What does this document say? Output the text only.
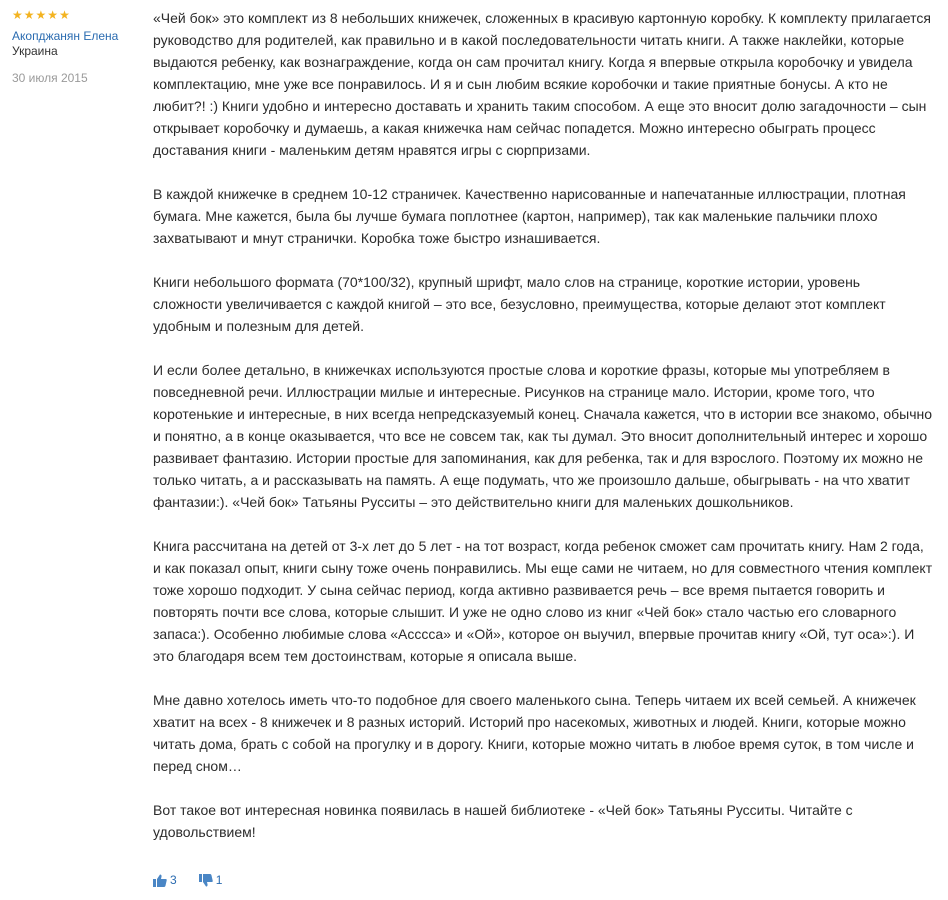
★ ★ ★ ★ ★
Акопджанян Елена
Украина
30 июля 2015

«Чей бок» это комплект из 8 небольших книжечек, сложенных в красивую картонную коробку. К комплекту прилагается руководство для родителей, как правильно и в какой последовательности читать книги. А также наклейки, которые выдаются ребенку, как вознаграждение, когда он сам прочитал книгу. Когда я впервые открыла коробочку и увидела комплектацию, мне уже все понравилось. И я и сын любим всякие коробочки и такие приятные бонусы. А кто не любит?! :) Книги удобно и интересно доставать и хранить таким способом. А еще это вносит долю загадочности – сын открывает коробочку и думаешь, а какая книжечка нам сейчас попадется. Можно интересно обыграть процесс доставания книги - маленьким детям нравятся игры с сюрпризами.

В каждой книжечке в среднем 10-12 страничек. Качественно нарисованные и напечатанные иллюстрации, плотная бумага. Мне кажется, была бы лучше бумага поплотнее (картон, например), так как маленькие пальчики плохо захватывают и мнут странички. Коробка тоже быстро изнашивается.

Книги небольшого формата (70*100/32), крупный шрифт, мало слов на странице, короткие истории, уровень сложности увеличивается с каждой книгой – это все, безусловно, преимущества, которые делают этот комплект удобным и полезным для детей.

И если более детально, в книжечках используются простые слова и короткие фразы, которые мы употребляем в повседневной речи. Иллюстрации милые и интересные. Рисунков на странице мало. Истории, кроме того, что коротенькие и интересные, в них всегда непредсказуемый конец. Сначала кажется, что в истории все знакомо, обычно и понятно, а в конце оказывается, что все не совсем так, как ты думал. Это вносит дополнительный интерес и хорошо развивает фантазию. Истории простые для запоминания, как для ребенка, так и для взрослого. Поэтому их можно не только читать, а и рассказывать на память. А еще подумать, что же произошло дальше, обыгрывать - на что хватит фантазии:). «Чей бок» Татьяны Русситы – это действительно книги для маленьких дошкольников.

Книга рассчитана на детей от 3-х лет до 5 лет - на тот возраст, когда ребенок сможет сам прочитать книгу. Нам 2 года, и как показал опыт, книги сыну тоже очень понравились. Мы еще сами не читаем, но для совместного чтения комплект тоже хорошо подходит. У сына сейчас период, когда активно развивается речь – все время пытается говорить и повторять почти все слова, которые слышит. И уже не одно слово из книг «Чей бок» стало частью его словарного запаса:). Особенно любимые слова «Асссса» и «Ой», которое он выучил, впервые прочитав книгу «Ой, тут оса»:). И это благодаря всем тем достоинствам, которые я описала выше.

Мне давно хотелось иметь что-то подобное для своего маленького сына. Теперь читаем их всей семьей. А книжечек хватит на всех - 8 книжечек и 8 разных историй. Историй про насекомых, животных и людей. Книги, которые можно читать дома, брать с собой на прогулку и в дорогу. Книги, которые можно читать в любое время суток, в том числе и перед сном…

Вот такое вот интересная новинка появилась в нашей библиотеке - «Чей бок» Татьяны Русситы. Читайте с удовольствием!

3	1
